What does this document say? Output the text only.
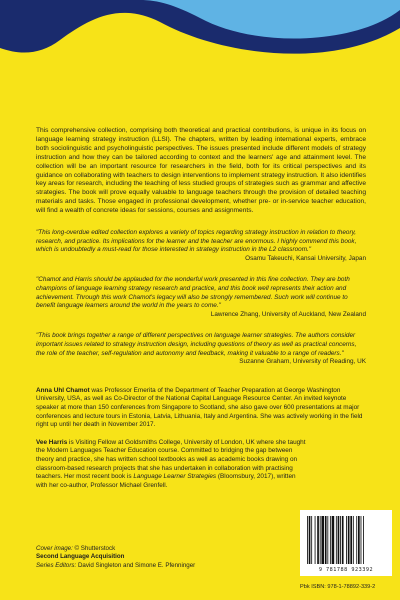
This comprehensive collection, comprising both theoretical and practical contributions, is unique in its focus on language learning strategy instruction (LLSI). The chapters, written by leading international experts, embrace both sociolinguistic and psycholinguistic perspectives. The issues presented include different models of strategy instruction and how they can be tailored according to context and the learners' age and attainment level. The collection will be an important resource for researchers in the field, both for its critical perspectives and its guidance on collaborating with teachers to design interventions to implement strategy instruction. It also identifies key areas for research, including the teaching of less studied groups of strategies such as grammar and affective strategies. The book will prove equally valuable to language teachers through the provision of detailed teaching materials and tasks. Those engaged in professional development, whether pre- or in-service teacher education, will find a wealth of concrete ideas for sessions, courses and assignments.

"This long-overdue edited collection explores a variety of topics regarding strategy instruction in relation to theory, research, and practice. Its implications for the learner and the teacher are enormous. I highly commend this book, which is undoubtedly a must-read for those interested in strategy instruction in the L2 classroom."

Osamu Takeuchi, Kansai University, Japan

"Chamot and Harris should be applauded for the wonderful work presented in this fine collection. They are both champions of language learning strategy research and practice, and this book well represents their action and achievement. Through this work Chamot's legacy will also be strongly remembered. Such work will continue to benefit language learners around the world in the years to come."

Lawrence Zhang, University of Auckland, New Zealand

"This book brings together a range of different perspectives on language learner strategies. The authors consider important issues related to strategy instruction design, including questions of theory as well as practical concerns, the role of the teacher, self-regulation and autonomy and feedback, making it valuable to a range of readers."

Suzanne Graham, University of Reading, UK

Anna Uhl Chamot was Professor Emerita of the Department of Teacher Preparation at George Washington University, USA, as well as Co-Director of the National Capital Language Resource Center. An invited keynote speaker at more than 150 conferences from Singapore to Scotland, she also gave over 600 presentations at major conferences and lecture tours in Estonia, Latvia, Lithuania, Italy and Argentina. She was actively working in the field right up until her death in November 2017.

Vee Harris is Visiting Fellow at Goldsmiths College, University of London, UK where she taught the Modern Languages Teacher Education course. Committed to bridging the gap between theory and practice, she has written school textbooks as well as academic books drawing on classroom-based research projects that she has undertaken in collaboration with practising teachers. Her most recent book is Language Learner Strategies (Bloomsbury, 2017), written with her co-author, Professor Michael Grenfell.

Cover image: © Shutterstock
Second Language Acquisition
Series Editors: David Singleton and Simone E. Pfenninger
9 781788 923392
Pbk ISBN: 978-1-78892-339-2
